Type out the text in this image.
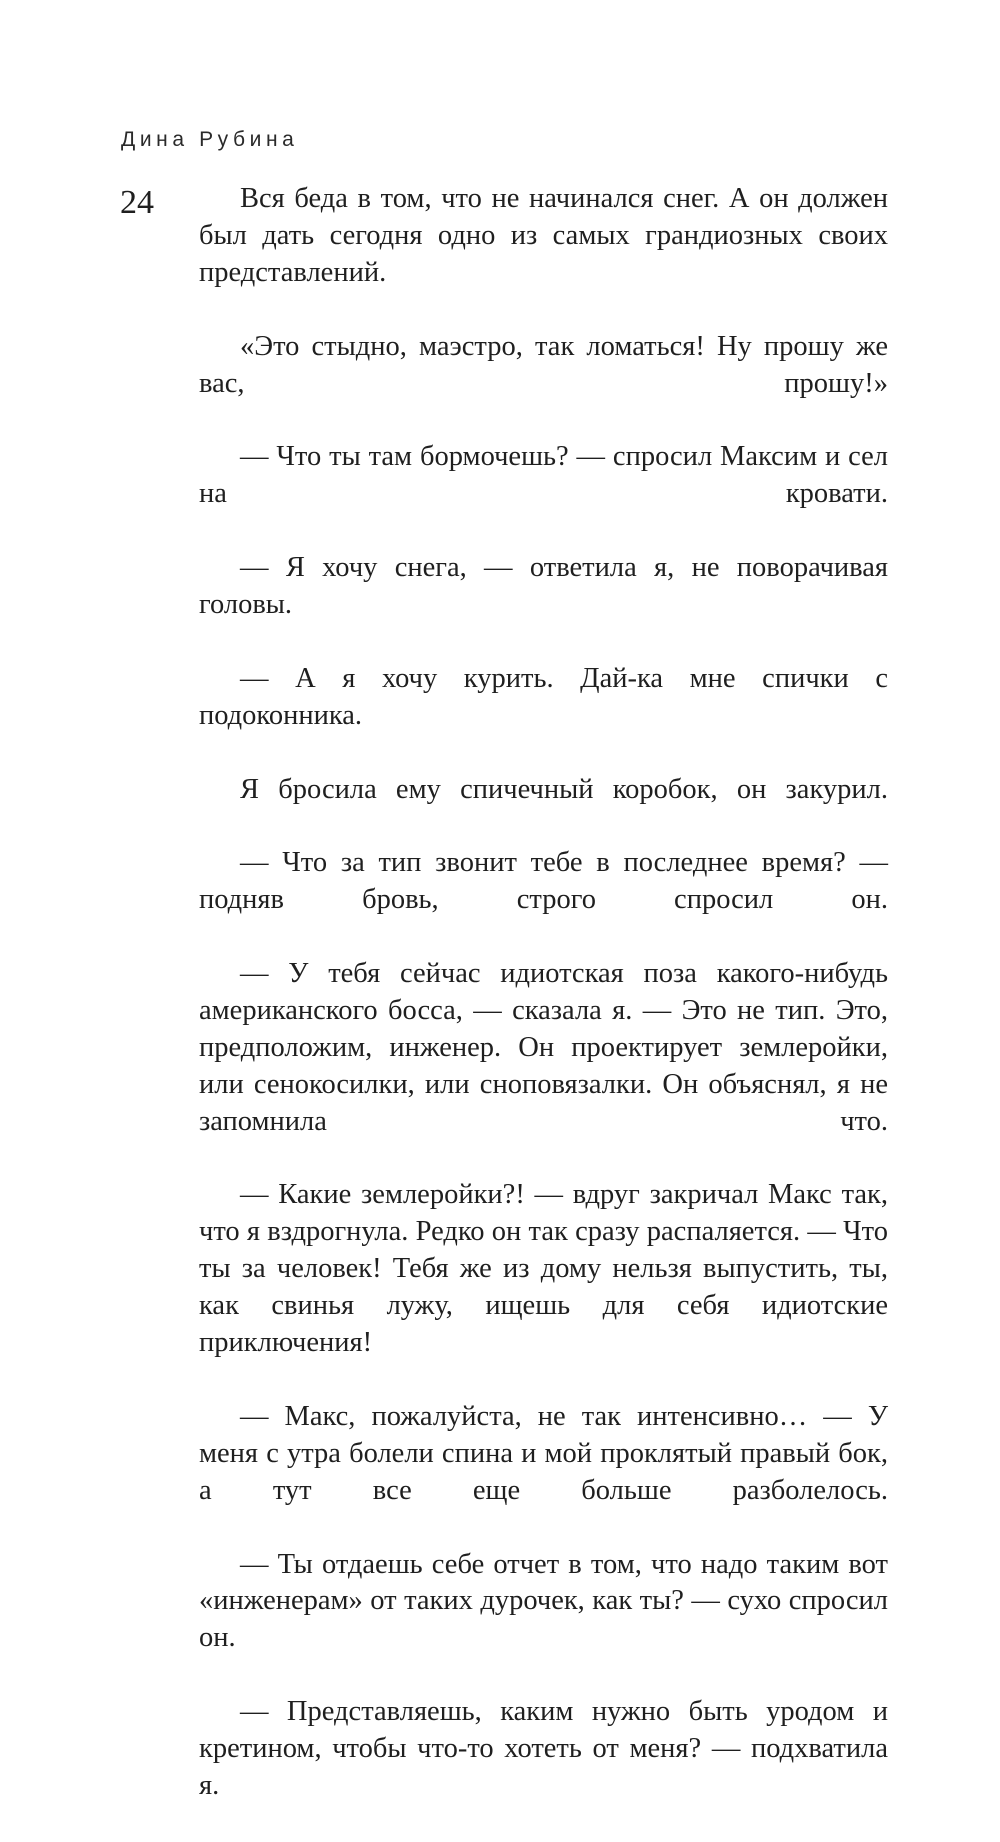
Дина Рубина
24	Вся беда в том, что не начинался снег. А он должен был дать сегодня одно из самых грандиозных своих представлений.

«Это стыдно, маэстро, так ломаться! Ну прошу же вас, прошу!»

— Что ты там бормочешь? — спросил Максим и сел на кровати.

— Я хочу снега, — ответила я, не поворачивая головы.

— А я хочу курить. Дай-ка мне спички с подоконника.

Я бросила ему спичечный коробок, он закурил.

— Что за тип звонит тебе в последнее время? — подняв бровь, строго спросил он.

— У тебя сейчас идиотская поза какого-нибудь американского босса, — сказала я. — Это не тип. Это, предположим, инженер. Он проектирует землеройки, или сенокосилки, или сноповязалки. Он объяснял, я не запомнила что.

— Какие землеройки?! — вдруг закричал Макс так, что я вздрогнула. Редко он так сразу распаляется. — Что ты за человек! Тебя же из дому нельзя выпустить, ты, как свинья лужу, ищешь для себя идиотские приключения!

— Макс, пожалуйста, не так интенсивно… — У меня с утра болели спина и мой проклятый правый бок, а тут все еще больше разболелось.

— Ты отдаешь себе отчет в том, что надо таким вот «инженерам» от таких дурочек, как ты? — сухо спросил он.

— Представляешь, каким нужно быть уродом и кретином, чтобы что-то хотеть от меня? — подхватила я.
